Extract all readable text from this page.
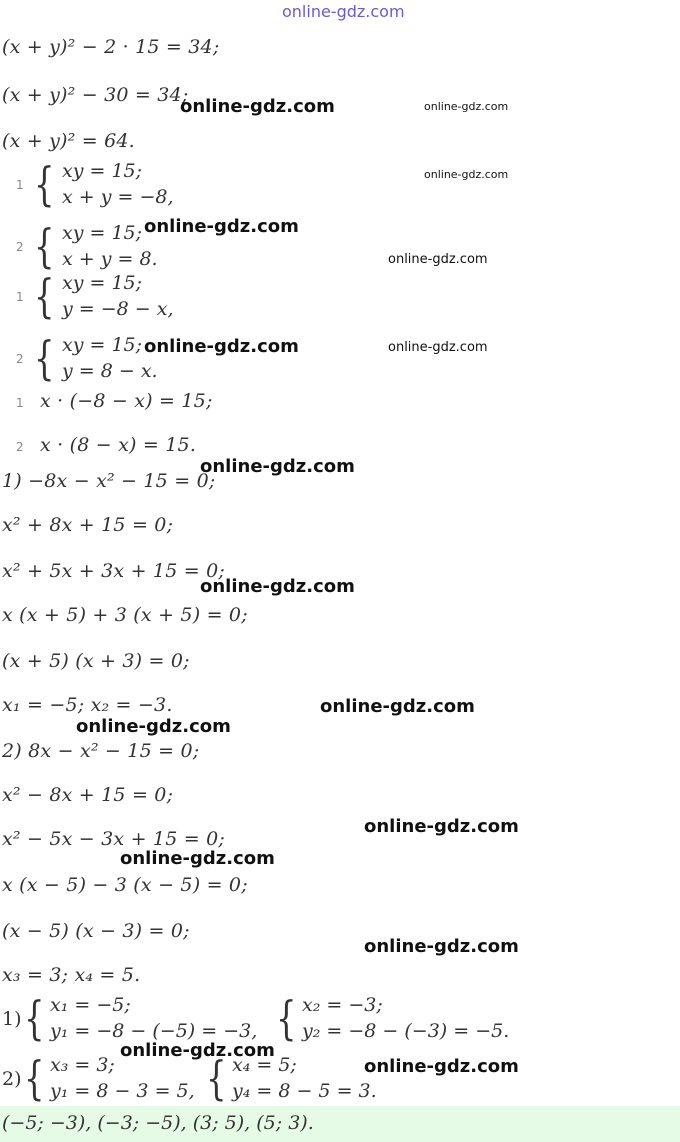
online-gdz.com
(x + y)² − 2 · 15 = 34;
(x + y)² − 30 = 34;
(x + y)² = 64.
1 { xy = 15;
x + y = −8,
2 { xy = 15;
x + y = 8.
1 { xy = 15;
y = −8 − x,
2 { xy = 15;
y = 8 − x.
1 x · (−8 − x) = 15;
2 x · (8 − x) = 15.
1) −8x − x² − 15 = 0;
x² + 8x + 15 = 0;
x² + 5x + 3x + 15 = 0;
x (x + 5) + 3 (x + 5) = 0;
(x + 5) (x + 3) = 0;
x₁ = −5; x₂ = −3.
2) 8x − x² − 15 = 0;
x² − 8x + 15 = 0;
x² − 5x − 3x + 15 = 0;
x (x − 5) − 3 (x − 5) = 0;
(x − 5) (x − 3) = 0;
x₃ = 3; x₄ = 5.
1) { x₁ = −5;
y₁ = −8 − (−5) = −3, { x₂ = −3;
y₂ = −8 − (−3) = −5.
2) { x₃ = 3;
y₁ = 8 − 3 = 5, { x₄ = 5;
y₄ = 8 − 5 = 3.
(−5; −3), (−3; −5), (3; 5), (5; 3).
online-gdz.com	online-gdz.com
online-gdz.com
online-gdz.com
online-gdz.com
online-gdz.com	online-gdz.com
online-gdz.com
online-gdz.com
online-gdz.com
online-gdz.com
online-gdz.com
online-gdz.com
online-gdz.com
online-gdz.com
online-gdz.com
